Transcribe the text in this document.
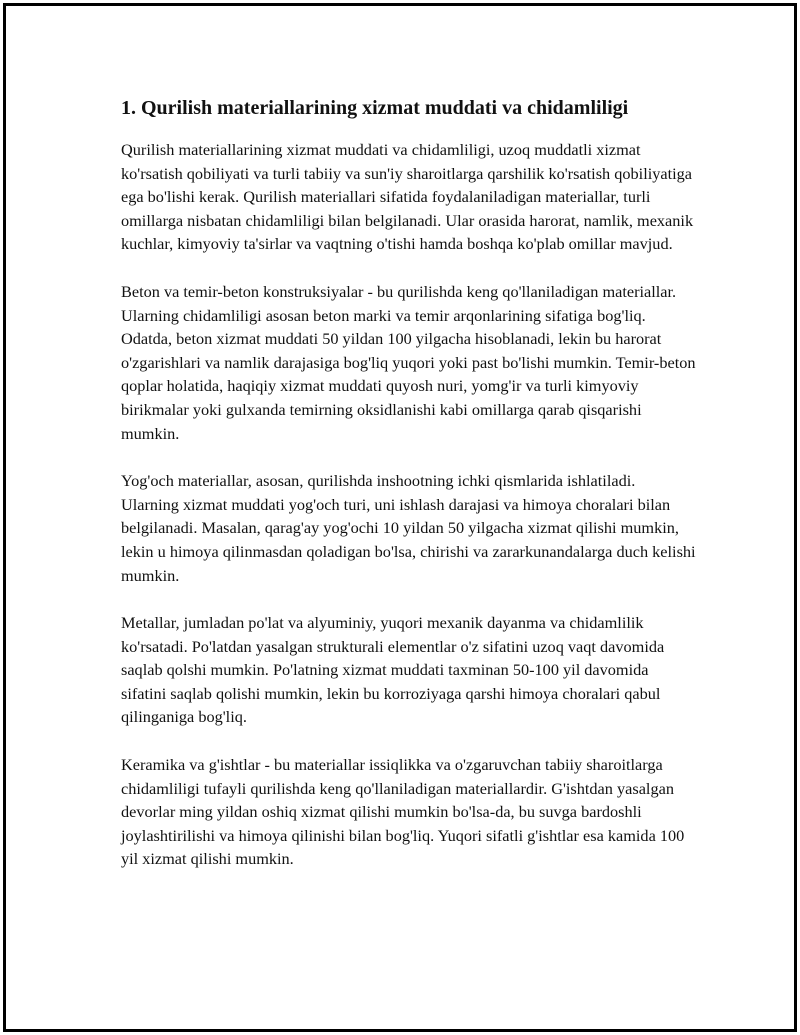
1. Qurilish materiallarining xizmat muddati va chidamliligi

Qurilish materiallarining xizmat muddati va chidamliligi, uzoq muddatli xizmat ko'rsatish qobiliyati va turli tabiiy va sun'iy sharoitlarga qarshilik ko'rsatish qobiliyatiga ega bo'lishi kerak. Qurilish materiallari sifatida foydalaniladigan materiallar, turli omillarga nisbatan chidamliligi bilan belgilanadi. Ular orasida harorat, namlik, mexanik kuchlar, kimyoviy ta'sirlar va vaqtning o'tishi hamda boshqa ko'plab omillar mavjud.

Beton va temir-beton konstruksiyalar - bu qurilishda keng qo'llaniladigan materiallar. Ularning chidamliligi asosan beton marki va temir arqonlarining sifatiga bog'liq. Odatda, beton xizmat muddati 50 yildan 100 yilgacha hisoblanadi, lekin bu harorat o'zgarishlari va namlik darajasiga bog'liq yuqori yoki past bo'lishi mumkin. Temir-beton qoplar holatida, haqiqiy xizmat muddati quyosh nuri, yomg'ir va turli kimyoviy birikmalar yoki gulxanda temirning oksidlanishi kabi omillarga qarab qisqarishi mumkin.

Yog'och materiallar, asosan, qurilishda inshootning ichki qismlarida ishlatiladi. Ularning xizmat muddati yog'och turi, uni ishlash darajasi va himoya choralari bilan belgilanadi. Masalan, qarag'ay yog'ochi 10 yildan 50 yilgacha xizmat qilishi mumkin, lekin u himoya qilinmasdan qoladigan bo'lsa, chirishi va zararkunandalarga duch kelishi mumkin.

Metallar, jumladan po'lat va alyuminiy, yuqori mexanik dayanma va chidamlilik ko'rsatadi. Po'latdan yasalgan strukturali elementlar o'z sifatini uzoq vaqt davomida saqlab qolshi mumkin. Po'latning xizmat muddati taxminan 50-100 yil davomida sifatini saqlab qolishi mumkin, lekin bu korroziyaga qarshi himoya choralari qabul qilinganiga bog'liq.

Keramika va g'ishtlar - bu materiallar issiqlikka va o'zgaruvchan tabiiy sharoitlarga chidamliligi tufayli qurilishda keng qo'llaniladigan materiallardir. G'ishtdan yasalgan devorlar ming yildan oshiq xizmat qilishi mumkin bo'lsa-da, bu suvga bardoshli joylashtirilishi va himoya qilinishi bilan bog'liq. Yuqori sifatli g'ishtlar esa kamida 100 yil xizmat qilishi mumkin.
